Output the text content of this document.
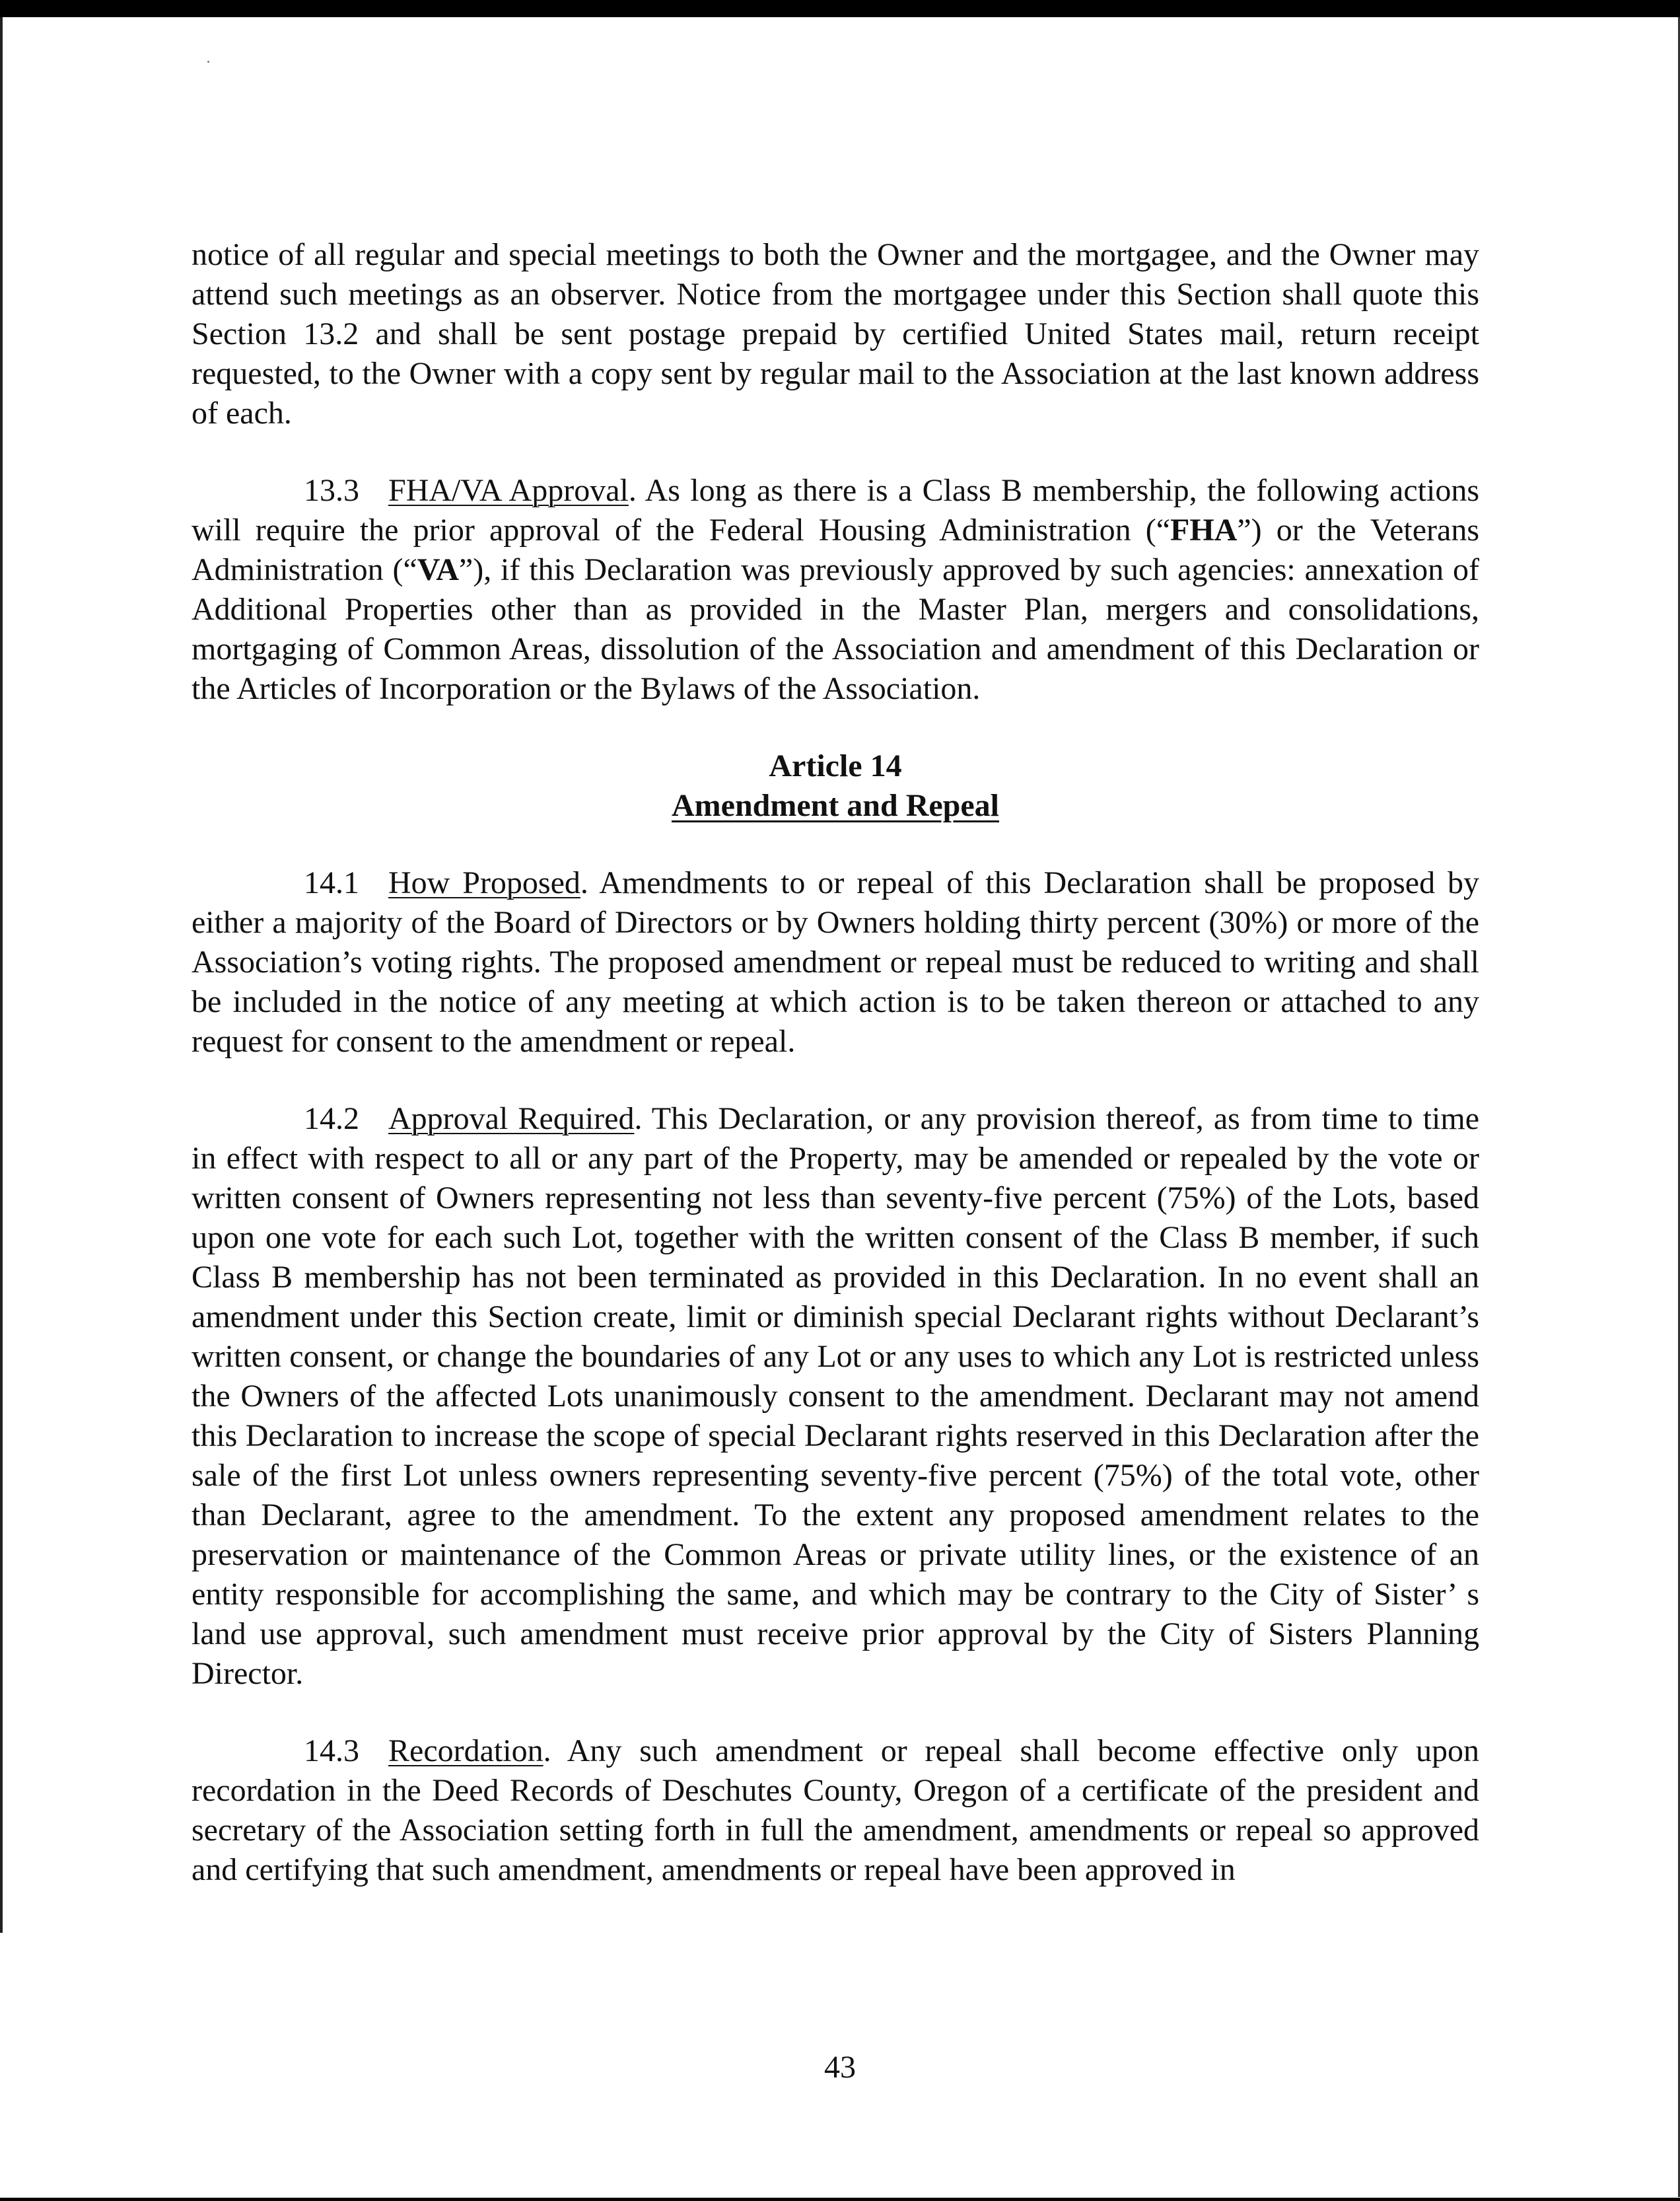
notice of all regular and special meetings to both the Owner and the mortgagee, and the Owner may attend such meetings as an observer. Notice from the mortgagee under this Section shall quote this Section 13.2 and shall be sent postage prepaid by certified United States mail, return receipt requested, to the Owner with a copy sent by regular mail to the Association at the last known address of each.

13.3 FHA/VA Approval. As long as there is a Class B membership, the following actions will require the prior approval of the Federal Housing Administration (“FHA”) or the Veterans Administration (“VA”), if this Declaration was previously approved by such agencies: annexation of Additional Properties other than as provided in the Master Plan, mergers and consolidations, mortgaging of Common Areas, dissolution of the Association and amendment of this Declaration or the Articles of Incorporation or the Bylaws of the Association.

Article 14
Amendment and Repeal

14.1 How Proposed. Amendments to or repeal of this Declaration shall be proposed by either a majority of the Board of Directors or by Owners holding thirty percent (30%) or more of the Association’s voting rights. The proposed amendment or repeal must be reduced to writing and shall be included in the notice of any meeting at which action is to be taken thereon or attached to any request for consent to the amendment or repeal.

14.2 Approval Required. This Declaration, or any provision thereof, as from time to time in effect with respect to all or any part of the Property, may be amended or repealed by the vote or written consent of Owners representing not less than seventy-five percent (75%) of the Lots, based upon one vote for each such Lot, together with the written consent of the Class B member, if such Class B membership has not been terminated as provided in this Declaration. In no event shall an amendment under this Section create, limit or diminish special Declarant rights without Declarant’s written consent, or change the boundaries of any Lot or any uses to which any Lot is restricted unless the Owners of the affected Lots unanimously consent to the amendment. Declarant may not amend this Declaration to increase the scope of special Declarant rights reserved in this Declaration after the sale of the first Lot unless owners representing seventy-five percent (75%) of the total vote, other than Declarant, agree to the amendment. To the extent any proposed amendment relates to the preservation or maintenance of the Common Areas or private utility lines, or the existence of an entity responsible for accomplishing the same, and which may be contrary to the City of Sister’ s land use approval, such amendment must receive prior approval by the City of Sisters Planning Director.

14.3 Recordation. Any such amendment or repeal shall become effective only upon recordation in the Deed Records of Deschutes County, Oregon of a certificate of the president and secretary of the Association setting forth in full the amendment, amendments or repeal so approved and certifying that such amendment, amendments or repeal have been approved in

43
